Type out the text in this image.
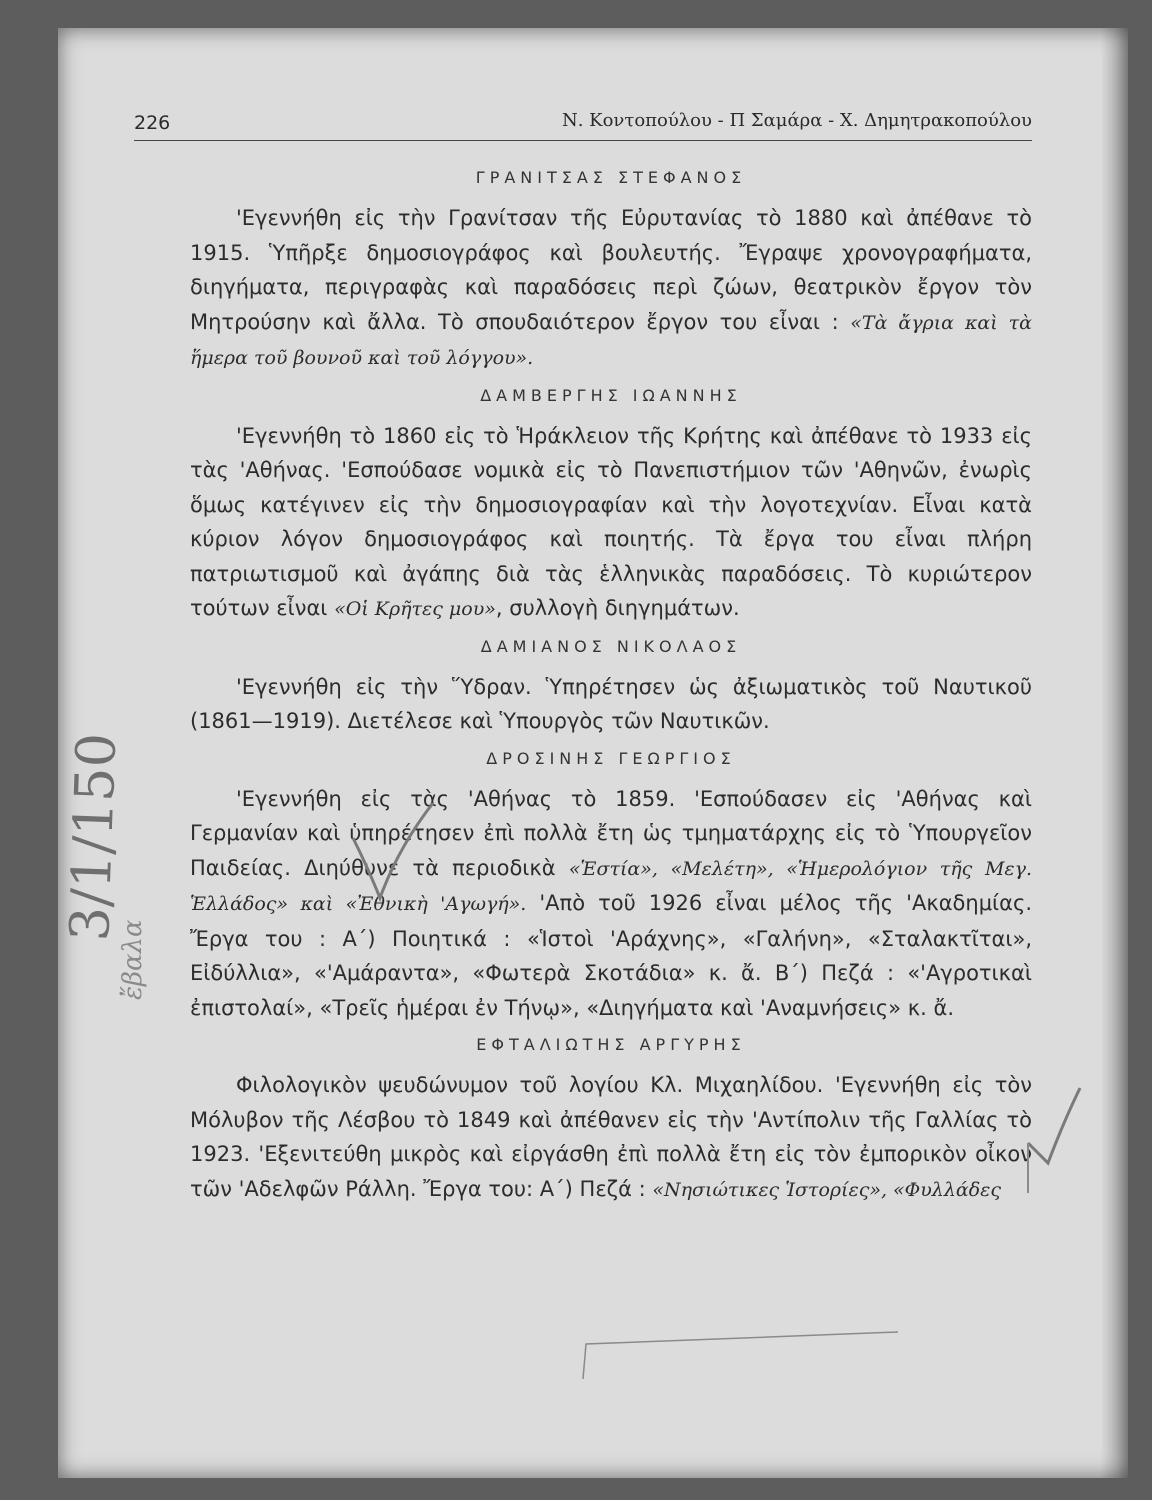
226	Ν. Κοντοπούλου - Π Σαμάρα - Χ. Δημητρακοπούλου
ΓΡΑΝΙΤΣΑΣ ΣΤΕΦΑΝΟΣ

'Εγεννήθη εἰς τὴν Γρανίτσαν τῆς Εὐρυτανίας τὸ 1880 καὶ ἀπέθανε τὸ 1915. Ὑπῆρξε δημοσιογράφος καὶ βουλευτής. Ἔγραψε χρονογραφήματα, διηγήματα, περιγραφὰς καὶ παραδόσεις περὶ ζώων, θεατρικὸν ἔργον τὸν Μητρούσην καὶ ἄλλα. Τὸ σπουδαιότερον ἔργον του εἶναι : «Τὰ ἄγρια καὶ τὰ ἥμερα τοῦ βουνοῦ καὶ τοῦ λόγγου».

ΔΑΜΒΕΡΓΗΣ ΙΩΑΝΝΗΣ

'Εγεννήθη τὸ 1860 εἰς τὸ Ἡράκλειον τῆς Κρήτης καὶ ἀπέθανε τὸ 1933 εἰς τὰς 'Αθήνας. 'Εσπούδασε νομικὰ εἰς τὸ Πανεπιστήμιον τῶν 'Αθηνῶν, ἐνωρὶς ὅμως κατέγινεν εἰς τὴν δημοσιογραφίαν καὶ τὴν λογοτεχνίαν. Εἶναι κατὰ κύριον λόγον δημοσιογράφος καὶ ποιητής. Τὰ ἔργα του εἶναι πλήρη πατριωτισμοῦ καὶ ἀγάπης διὰ τὰς ἑλληνικὰς παραδόσεις. Τὸ κυριώτερον τούτων εἶναι «Οἱ Κρῆτες μου», συλλογὴ διηγημάτων.

ΔΑΜΙΑΝΟΣ ΝΙΚΟΛΑΟΣ

'Εγεννήθη εἰς τὴν Ὕδραν. Ὑπηρέτησεν ὡς ἀξιωματικὸς τοῦ Ναυτικοῦ (1861—1919). Διετέλεσε καὶ Ὑπουργὸς τῶν Ναυτικῶν.

ΔΡΟΣΙΝΗΣ ΓΕΩΡΓΙΟΣ

'Εγεννήθη εἰς τὰς 'Αθήνας τὸ 1859. 'Εσπούδασεν εἰς 'Αθήνας καὶ Γερμανίαν καὶ ὑπηρέτησεν ἐπὶ πολλὰ ἔτη ὡς τμηματάρχης εἰς τὸ Ὑπουργεῖον Παιδείας. Διηύθυνε τὰ περιοδικὰ «Ἑστία», «Μελέτη», «Ἡμερολόγιον τῆς Μεγ. Ἑλλάδος» καὶ «Ἐθνικὴ 'Αγωγή». 'Απὸ τοῦ 1926 εἶναι μέλος τῆς 'Ακαδημίας. Ἔργα του : Α΄) Ποιητικά : «Ἱστοὶ 'Αράχνης», «Γαλήνη», «Σταλακτῖται», Εἰδύλλια», «'Αμάραντα», «Φωτερὰ Σκοτάδια» κ. ἄ. Β΄) Πεζά : «'Αγροτικαὶ ἐπιστολαί», «Τρεῖς ἡμέραι ἐν Τήνῳ», «Διηγήματα καὶ 'Αναμνήσεις» κ. ἄ.

ΕΦΤΑΛΙΩΤΗΣ ΑΡΓΥΡΗΣ

Φιλολογικὸν ψευδώνυμον τοῦ λογίου Κλ. Μιχαηλίδου. 'Εγεννήθη εἰς τὸν Μόλυβον τῆς Λέσβου τὸ 1849 καὶ ἀπέθανεν εἰς τὴν 'Αντίπολιν τῆς Γαλλίας τὸ 1923. 'Εξενιτεύθη μικρὸς καὶ εἰργάσθη ἐπὶ πολλὰ ἔτη εἰς τὸν ἐμπορικὸν οἶκον τῶν 'Αδελφῶν Ράλλη. Ἔργα του: Α΄) Πεζά : «Νησιώτικες Ἱστορίες», «Φυλλάδες

3/1/150
ἔβαλα
